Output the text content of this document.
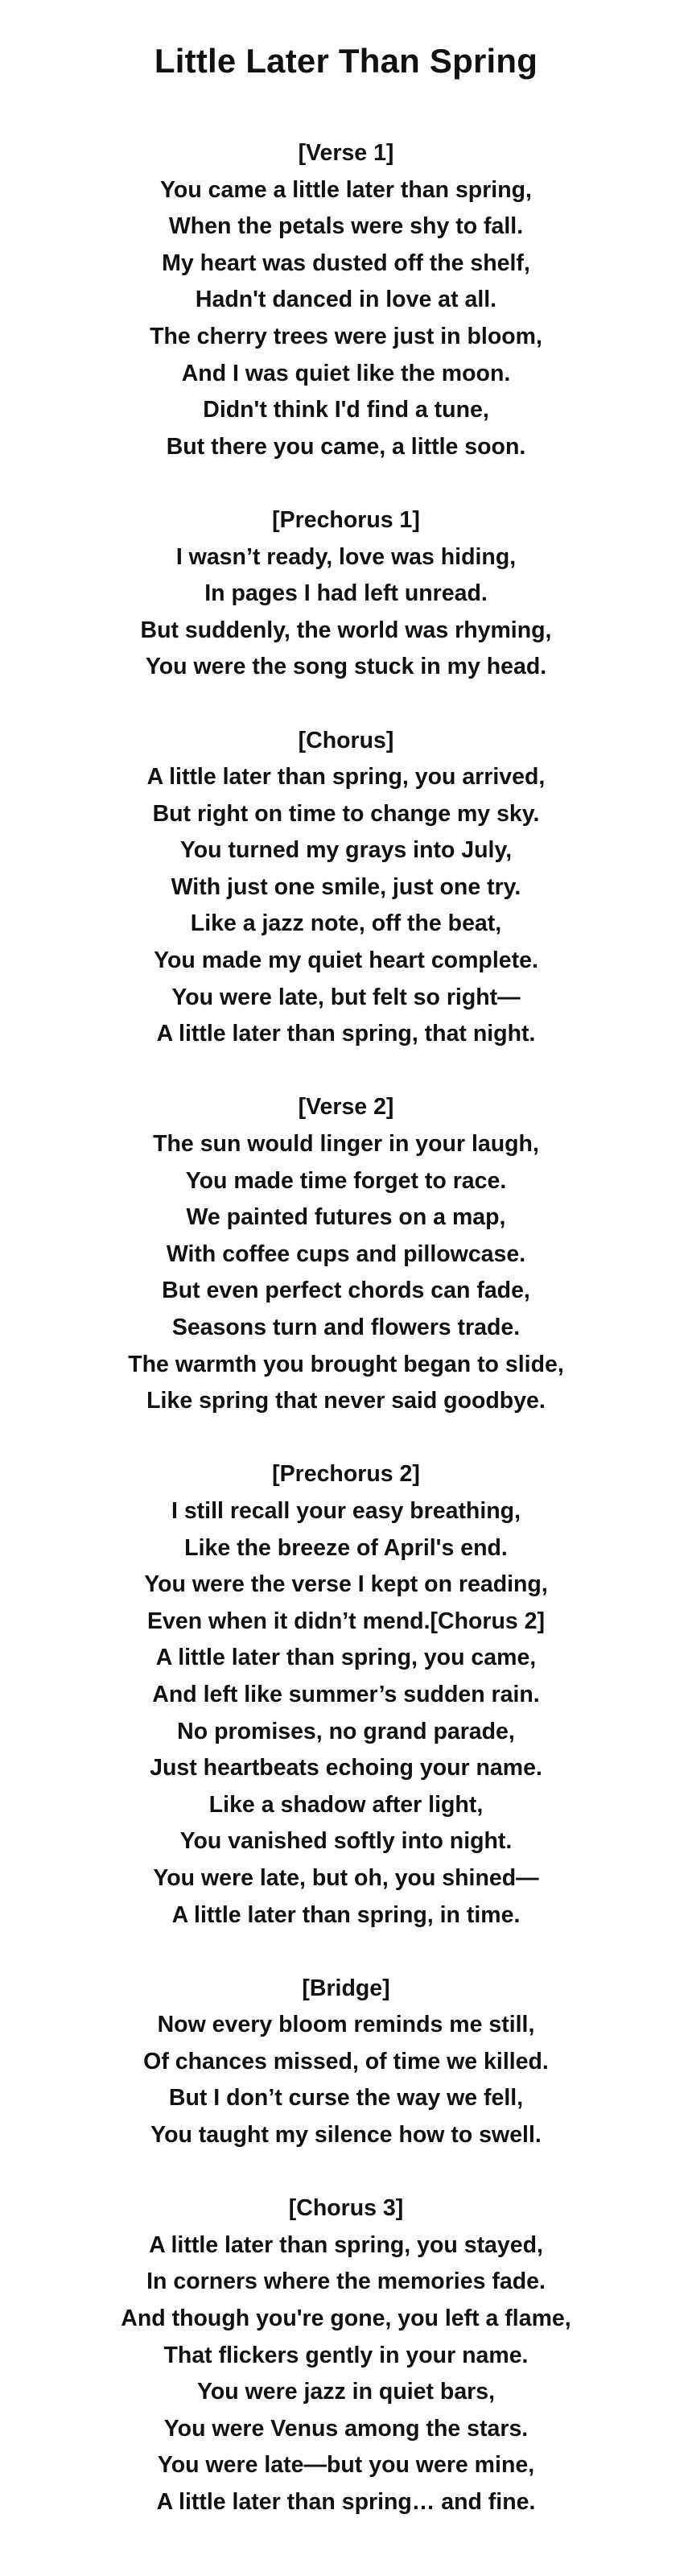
Little Later Than Spring
[Verse 1]
You came a little later than spring,
When the petals were shy to fall.
My heart was dusted off the shelf,
Hadn't danced in love at all.
The cherry trees were just in bloom,
And I was quiet like the moon.
Didn't think I'd find a tune,
But there you came, a little soon.
[Prechorus 1]
I wasn’t ready, love was hiding,
In pages I had left unread.
But suddenly, the world was rhyming,
You were the song stuck in my head.
[Chorus]
A little later than spring, you arrived,
But right on time to change my sky.
You turned my grays into July,
With just one smile, just one try.
Like a jazz note, off the beat,
You made my quiet heart complete.
You were late, but felt so right—
A little later than spring, that night.
[Verse 2]
The sun would linger in your laugh,
You made time forget to race.
We painted futures on a map,
With coffee cups and pillowcase.
But even perfect chords can fade,
Seasons turn and flowers trade.
The warmth you brought began to slide,
Like spring that never said goodbye.
[Prechorus 2]
I still recall your easy breathing,
Like the breeze of April's end.
You were the verse I kept on reading,
Even when it didn’t mend.[Chorus 2]
A little later than spring, you came,
And left like summer’s sudden rain.
No promises, no grand parade,
Just heartbeats echoing your name.
Like a shadow after light,
You vanished softly into night.
You were late, but oh, you shined—
A little later than spring, in time.
[Bridge]
Now every bloom reminds me still,
Of chances missed, of time we killed.
But I don’t curse the way we fell,
You taught my silence how to swell.
[Chorus 3]
A little later than spring, you stayed,
In corners where the memories fade.
And though you're gone, you left a flame,
That flickers gently in your name.
You were jazz in quiet bars,
You were Venus among the stars.
You were late—but you were mine,
A little later than spring… and fine.
